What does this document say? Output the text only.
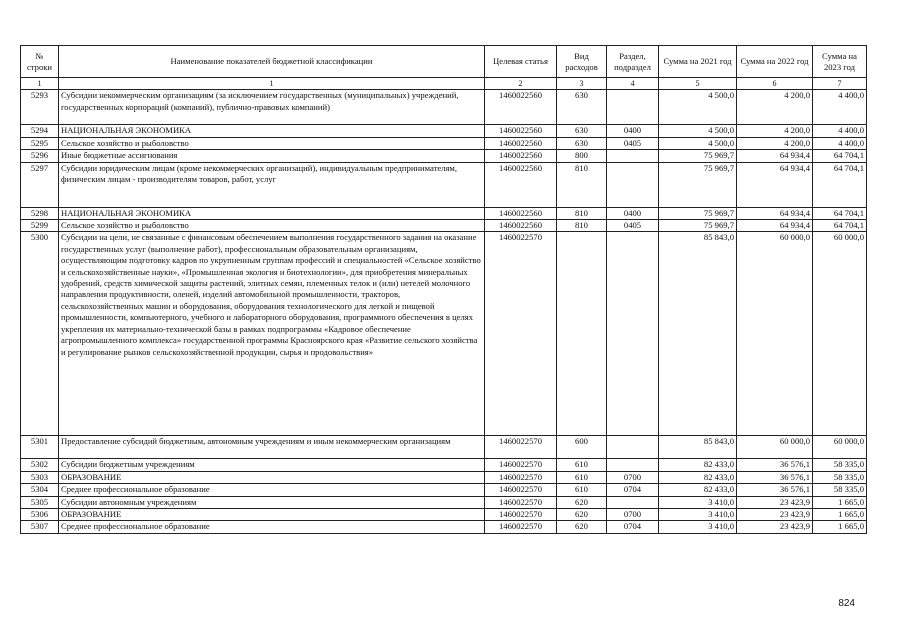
№ строки	Наименование показателей бюджетной классификации	Целевая статья	Вид расходов	Раздел, подраздел	Сумма на 2021 год	Сумма на 2022 год	Сумма на 2023 год
1	1	2	3	4	5	6	7
5293	Субсидии некоммерческим организациям (за исключением государственных (муниципальных) учреждений, государственных корпораций (компаний), публично-правовых компаний)	1460022560	630		4 500,0	4 200,0	4 400,0
5294	НАЦИОНАЛЬНАЯ ЭКОНОМИКА	1460022560	630	0400	4 500,0	4 200,0	4 400,0
5295	Сельское хозяйство и рыболовство	1460022560	630	0405	4 500,0	4 200,0	4 400,0
5296	Иные бюджетные ассигнования	1460022560	800		75 969,7	64 934,4	64 704,1
5297	Субсидии юридическим лицам (кроме некоммерческих организаций), индивидуальным предпринимателям, физическим лицам - производителям товаров, работ, услуг	1460022560	810		75 969,7	64 934,4	64 704,1
5298	НАЦИОНАЛЬНАЯ ЭКОНОМИКА	1460022560	810	0400	75 969,7	64 934,4	64 704,1
5299	Сельское хозяйство и рыболовство	1460022560	810	0405	75 969,7	64 934,4	64 704,1
5300	Субсидии на цели, не связанные с финансовым обеспечением выполнения государственного задания на оказание государственных услуг (выполнение работ), профессиональным образовательным организациям, осуществляющим подготовку кадров по укрупненным группам профессий и специальностей «Сельское хозяйство и сельскохозяйственные науки», «Промышленная экология и биотехнологии», для приобретения минеральных удобрений, средств химической защиты растений, элитных семян, племенных телок и (или) нетелей молочного направления продуктивности, оленей, изделий автомобильной промышленности, тракторов, сельскохозяйственных машин и оборудования, оборудования технологического для легкой и пищевой промышленности, компьютерного, учебного и лабораторного оборудования, программного обеспечения в целях укрепления их материально-технической базы в рамках подпрограммы «Кадровое обеспечение агропромышленного комплекса» государственной программы Красноярского края «Развитие сельского хозяйства и регулирование рынков сельскохозяйственной продукции, сырья и продовольствия»	1460022570			85 843,0	60 000,0	60 000,0
5301	Предоставление субсидий бюджетным, автономным учреждениям и иным некоммерческим организациям	1460022570	600		85 843,0	60 000,0	60 000,0
5302	Субсидии бюджетным учреждениям	1460022570	610		82 433,0	36 576,1	58 335,0
5303	ОБРАЗОВАНИЕ	1460022570	610	0700	82 433,0	36 576,1	58 335,0
5304	Среднее профессиональное образование	1460022570	610	0704	82 433,0	36 576,1	58 335,0
5305	Субсидии автономным учреждениям	1460022570	620		3 410,0	23 423,9	1 665,0
5306	ОБРАЗОВАНИЕ	1460022570	620	0700	3 410,0	23 423,9	1 665,0
5307	Среднее профессиональное образование	1460022570	620	0704	3 410,0	23 423,9	1 665,0
824
